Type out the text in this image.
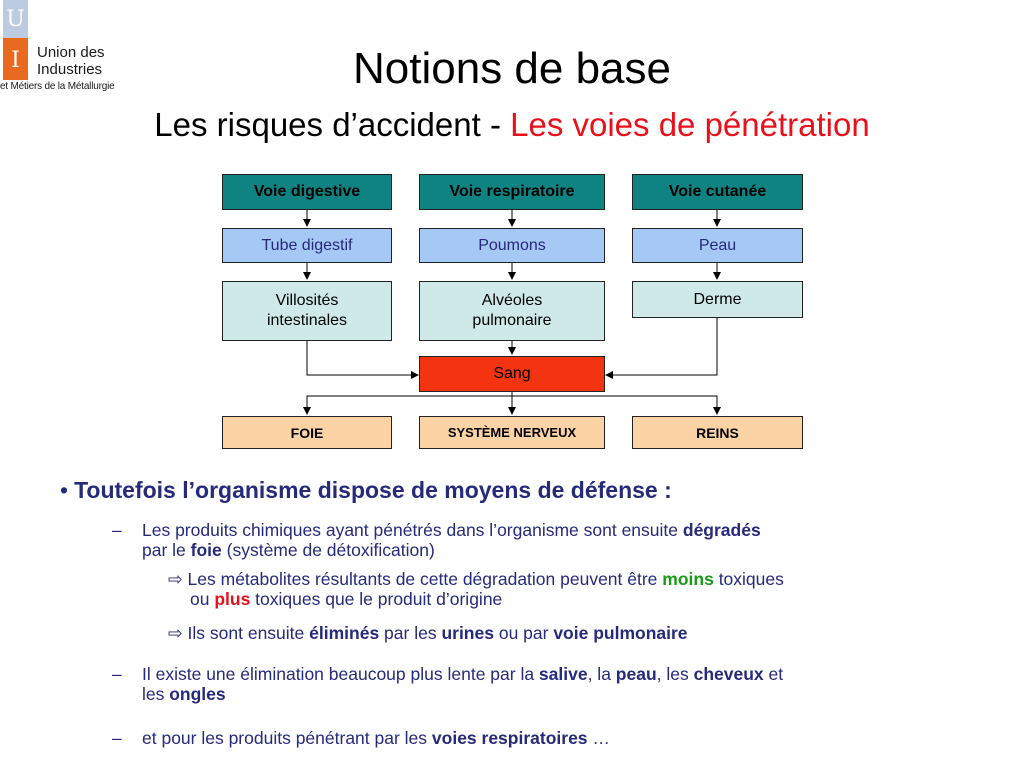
U
I	Union des
Industries
et Métiers de la Métallurgie	Notions de base
Les risques d’accident - Les voies de pénétration
Voie digestive	Voie respiratoire	Voie cutanée
Tube digestif	Poumons	Peau
Villosités intestinales
Alvéoles pulmonaire
Derme
Sang
FOIE	SYSTÈME NERVEUX	REINS
• Toutefois l’organisme dispose de moyens de défense :
– Les produits chimiques ayant pénétrés dans l’organisme sont ensuite dégradés
par le foie (système de détoxification)
⇨ Les métabolites résultants de cette dégradation peuvent être moins toxiques
ou plus toxiques que le produit d’origine
⇨ Ils sont ensuite éliminés par les urines ou par voie pulmonaire
– Il existe une élimination beaucoup plus lente par la salive, la peau, les cheveux et
les ongles
– et pour les produits pénétrant par les voies respiratoires …
